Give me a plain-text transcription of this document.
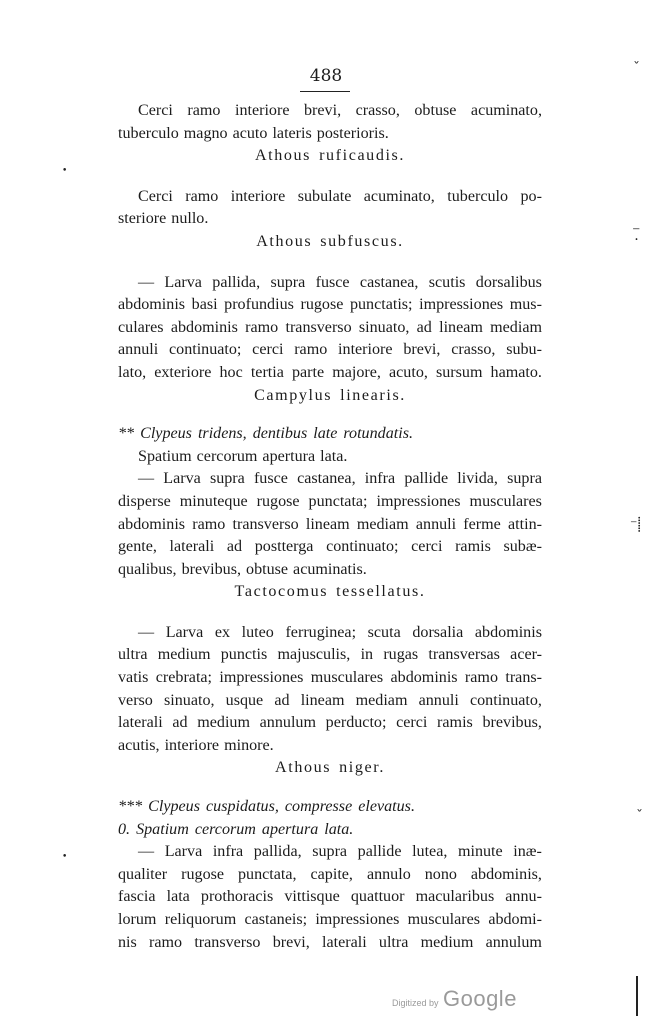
488
Cerci ramo interiore brevi, crasso, obtuse acuminato,
tuberculo magno acuto lateris posterioris.
Athous ruficaudis.
Cerci ramo interiore subulate acuminato, tuberculo po-
steriore nullo.
Athous subfuscus.
— Larva pallida, supra fusce castanea, scutis dorsalibus
abdominis basi profundius rugose punctatis; impressiones mus-
culares abdominis ramo transverso sinuato, ad lineam mediam
annuli continuato; cerci ramo interiore brevi, crasso, subu-
lato, exteriore hoc tertia parte majore, acuto, sursum hamato.
Campylus linearis.
** Clypeus tridens, dentibus late rotundatis.
Spatium cercorum apertura lata.
— Larva supra fusce castanea, infra pallide livida, supra
disperse minuteque rugose punctata; impressiones musculares
abdominis ramo transverso lineam mediam annuli ferme attin-
gente, laterali ad postterga continuato; cerci ramis subæ-
qualibus, brevibus, obtuse acuminatis.
Tactocomus tessellatus.
— Larva ex luteo ferruginea; scuta dorsalia abdominis
ultra medium punctis majusculis, in rugas transversas acer-
vatis crebrata; impressiones musculares abdominis ramo trans-
verso sinuato, usque ad lineam mediam annuli continuato,
laterali ad medium annulum perducto; cerci ramis brevibus,
acutis, interiore minore.
Athous niger.
*** Clypeus cuspidatus, compresse elevatus.
0. Spatium cercorum apertura lata.
— Larva infra pallida, supra pallide lutea, minute inæ-
qualiter rugose punctata, capite, annulo nono abdominis,
fascia lata prothoracis vittisque quattuor macularibus annu-
lorum reliquorum castaneis; impressiones musculares abdomi-
nis ramo transverso brevi, laterali ultra medium annulum
•
ˇ
⁻̣
⁻⸽
ˇ
•
Digitized by Google
